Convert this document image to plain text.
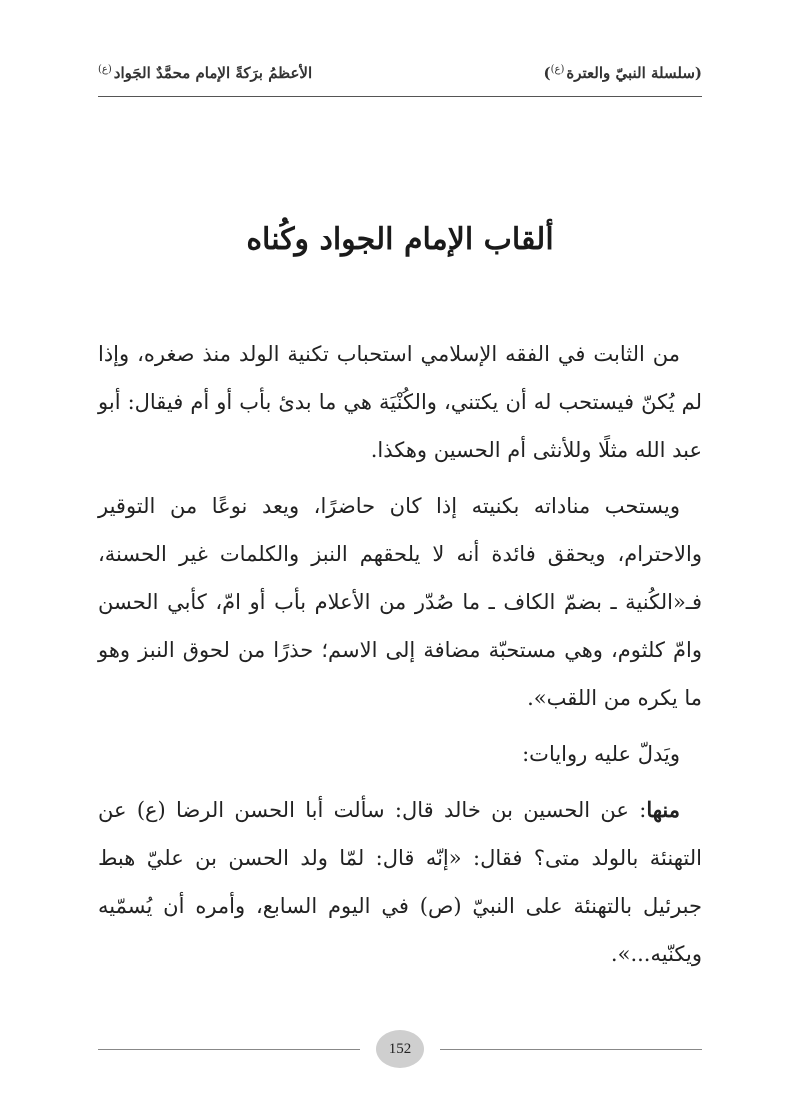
(سلسلة النبيّ والعترة$^{(ع)}$)
الأعظمُ برَكةً الإمام محمَّدٌ الجَواد$^{(ع)}$
ألقاب الإمام الجواد وكُناه

من الثابت في الفقه الإسلامي استحباب تكنية الولد منذ صغره، وإذا لم يُكنّ فيستحب له أن يكتني، والكُنْيَة هي ما بدئ بأب أو أم فيقال: أبو عبد الله مثلًا وللأنثى أم الحسين وهكذا.

ويستحب مناداته بكنيته إذا كان حاضرًا، ويعد نوعًا من التوقير والاحترام، ويحقق فائدة أنه لا يلحقهم النبز والكلمات غير الحسنة، فـ«الكُنية ـ بضمّ الكاف ـ ما صُدّر من الأعلام بأب أو امّ، كأبي الحسن وامّ كلثوم، وهي مستحبّة مضافة إلى الاسم؛ حذرًا من لحوق النبز وهو ما يكره من اللقب».

ويَدلّ عليه روايات:

منها: عن الحسين بن خالد قال: سألت أبا الحسن الرضا (ع) عن التهنئة بالولد متى؟ فقال: «إنّه قال: لمّا ولد الحسن بن عليّ هبط جبرئيل بالتهنئة على النبيّ (ص) في اليوم السابع، وأمره أن يُسمّيه ويكنّيه...».

152
